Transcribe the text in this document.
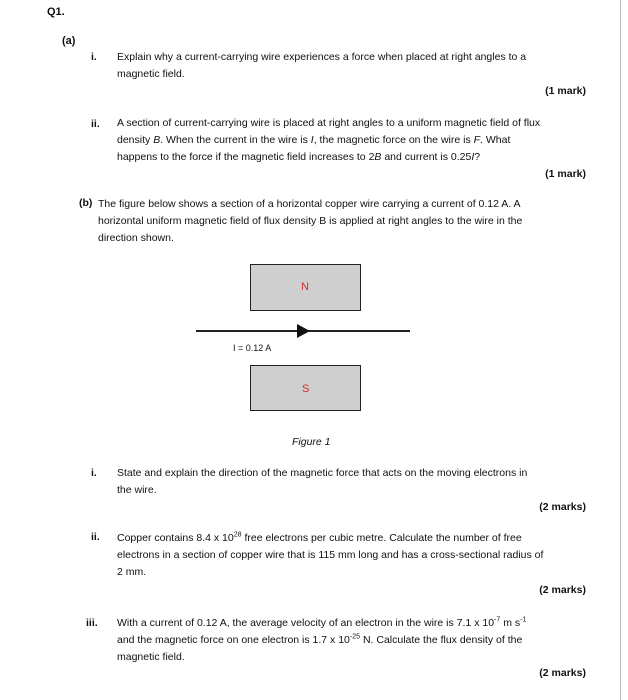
Q1.
(a)
i. Explain why a current-carrying wire experiences a force when placed at right angles to a
magnetic field.
(1 mark)
ii. A section of current-carrying wire is placed at right angles to a uniform magnetic field of flux
density B. When the current in the wire is I, the magnetic force on the wire is F. What
happens to the force if the magnetic field increases to 2B and current is 0.25I?
(1 mark)
(b) The figure below shows a section of a horizontal copper wire carrying a current of 0.12 A. A
horizontal uniform magnetic field of flux density B is applied at right angles to the wire in the
direction shown.
N
I = 0.12 A
S
Figure 1
i. State and explain the direction of the magnetic force that acts on the moving electrons in
the wire.
(2 marks)
ii. Copper contains 8.4 x $10^{28}$ free electrons per cubic metre. Calculate the number of free
electrons in a section of copper wire that is 115 mm long and has a cross-sectional radius of
2 mm.
(2 marks)
iii. With a current of 0.12 A, the average velocity of an electron in the wire is 7.1 x $10^{-7}$ m $s^{-1}$
and the magnetic force on one electron is 1.7 x $10^{-25}$ N. Calculate the flux density of the
magnetic field.
(2 marks)
